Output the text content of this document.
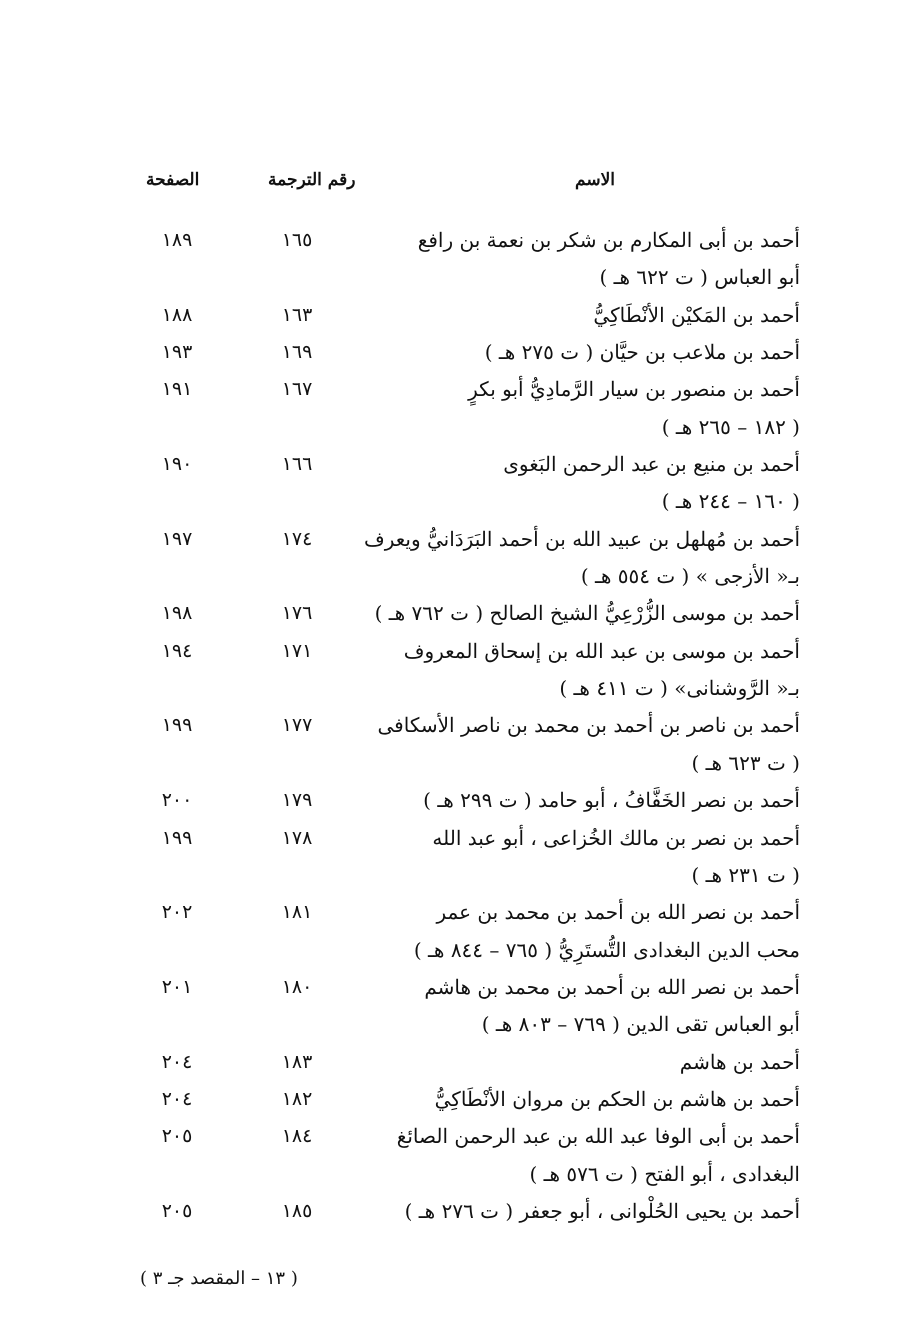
الاسم
رقم الترجمة
الصفحة
أحمد بن أبى المكارم بن شكر بن نعمة بن رافع
١٦٥
١٨٩
أبو العباس ( ت ٦٢٢ هـ )
أحمد بن المَكيْن الأنْطَاكِيُّ
١٦٣
١٨٨
أحمد بن ملاعب بن حيَّان ( ت ٢٧٥ هـ )
١٦٩
١٩٣
أحمد بن منصور بن سيار الرَّمادِيُّ أبو بكرٍ
١٦٧
١٩١
( ١٨٢ – ٢٦٥ هـ )
أحمد بن منيع بن عبد الرحمن البَغوى
١٦٦
١٩٠
( ١٦٠ – ٢٤٤ هـ )
أحمد بن مُهلهل بن عبيد الله بن أحمد البَرَدَانيُّ ويعرف
١٧٤
١٩٧
بـ« الأزجى » ( ت ٥٥٤ هـ )
أحمد بن موسى الزُّرْعِيُّ الشيخ الصالح ( ت ٧٦٢ هـ )
١٧٦
١٩٨
أحمد بن موسى بن عبد الله بن إسحاق المعروف
١٧١
١٩٤
بـ« الرَّوشنانى» ( ت ٤١١ هـ )
أحمد بن ناصر بن أحمد بن محمد بن ناصر الأسكافى
١٧٧
١٩٩
( ت ٦٢٣ هـ )
أحمد بن نصر الخَفَّافُ ، أبو حامد ( ت ٢٩٩ هـ )
١٧٩
٢٠٠
أحمد بن نصر بن مالك الخُزاعى ، أبو عبد الله
١٧٨
١٩٩
( ت ٢٣١ هـ )
أحمد بن نصر الله بن أحمد بن محمد بن عمر
١٨١
٢٠٢
محب الدين البغدادى التُّستَرِيُّ ( ٧٦٥ – ٨٤٤ هـ )
أحمد بن نصر الله بن أحمد بن محمد بن هاشم
١٨٠
٢٠١
أبو العباس تقى الدين ( ٧٦٩ – ٨٠٣ هـ )
أحمد بن هاشم
١٨٣
٢٠٤
أحمد بن هاشم بن الحكم بن مروان الأنْطَاكِيُّ
١٨٢
٢٠٤
أحمد بن أبى الوفا عبد الله بن عبد الرحمن الصائغ
١٨٤
٢٠٥
البغدادى ، أبو الفتح ( ت ٥٧٦ هـ )
أحمد بن يحيى الحُلْوانى ، أبو جعفر ( ت ٢٧٦ هـ )
١٨٥
٢٠٥
( ١٣ – المقصد جـ ٣ )
